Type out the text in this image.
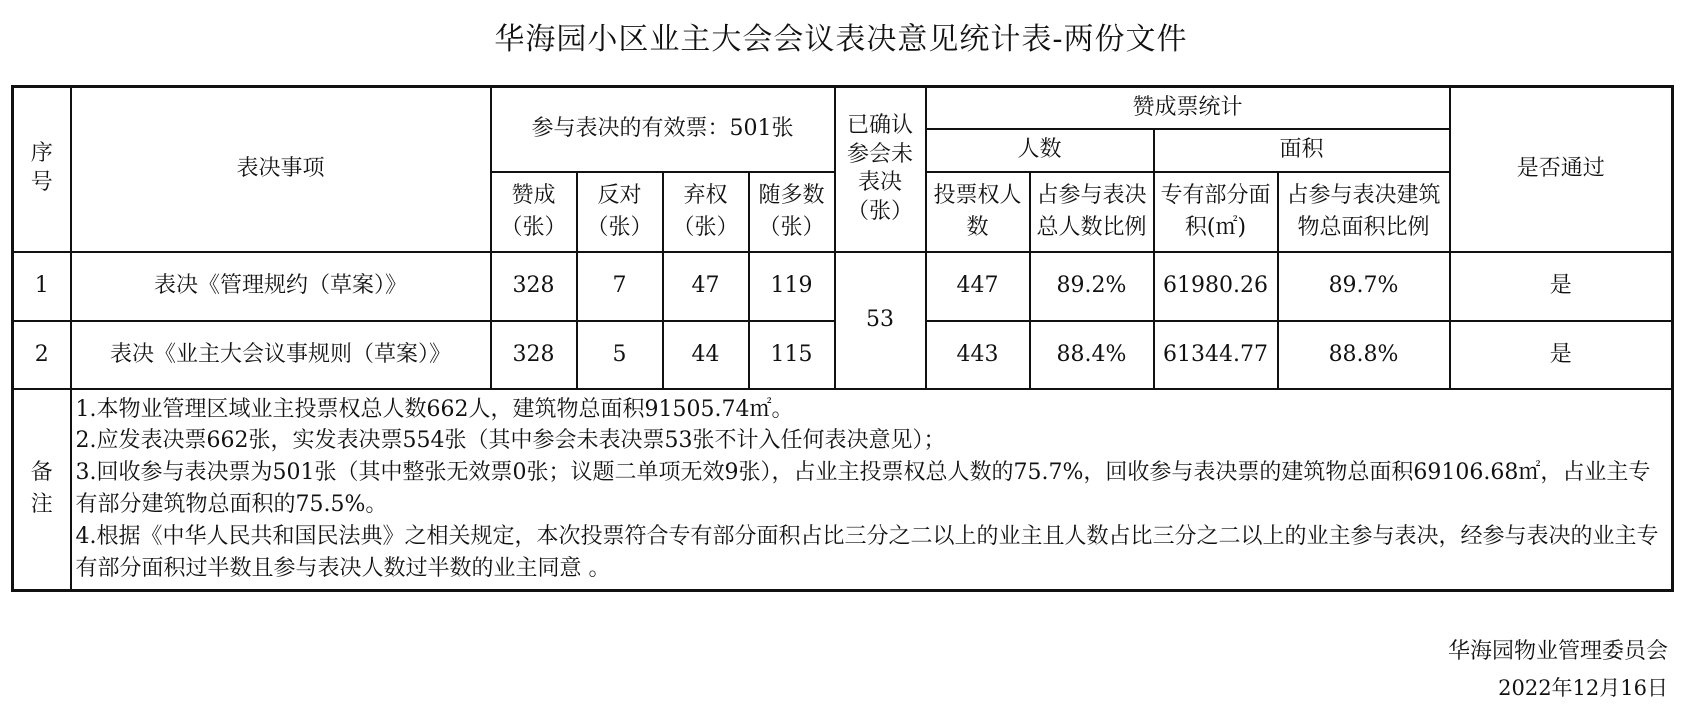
华海园小区业主大会会议表决意见统计表-两份文件
序号	表决事项	参与表决的有效票：501张				已确认参会未表决（张）	赞成票统计				是否通过
							人数		面积		
		赞成（张）	反对（张）	弃权（张）	随多数（张）		投票权人数	占参与表决总人数比例	专有部分面积(㎡)	占参与表决建筑物总面积比例	
1	表决《管理规约（草案）》	328	7	47	119	53	447	89.2%	61980.26	89.7%	是
2	表决《业主大会议事规则（草案）》	328	5	44	115		443	88.4%	61344.77	88.8%	是
备注	1.本物业管理区域业主投票权总人数662人，建筑物总面积91505.74㎡。
2.应发表决票662张，实发表决票554张（其中参会未表决票53张不计入任何表决意见）；
3.回收参与表决票为501张（其中整张无效票0张；议题二单项无效9张），占业主投票权总人数的75.7%，回收参与表决票的建筑物总面积69106.68㎡，占业主专有部分建筑物总面积的75.5%。
4.根据《中华人民共和国民法典》之相关规定，本次投票符合专有部分面积占比三分之二以上的业主且人数占比三分之二以上的业主参与表决，经参与表决的业主专有部分面积过半数且参与表决人数过半数的业主同意 。										
华海园物业管理委员会
2022年12月16日
